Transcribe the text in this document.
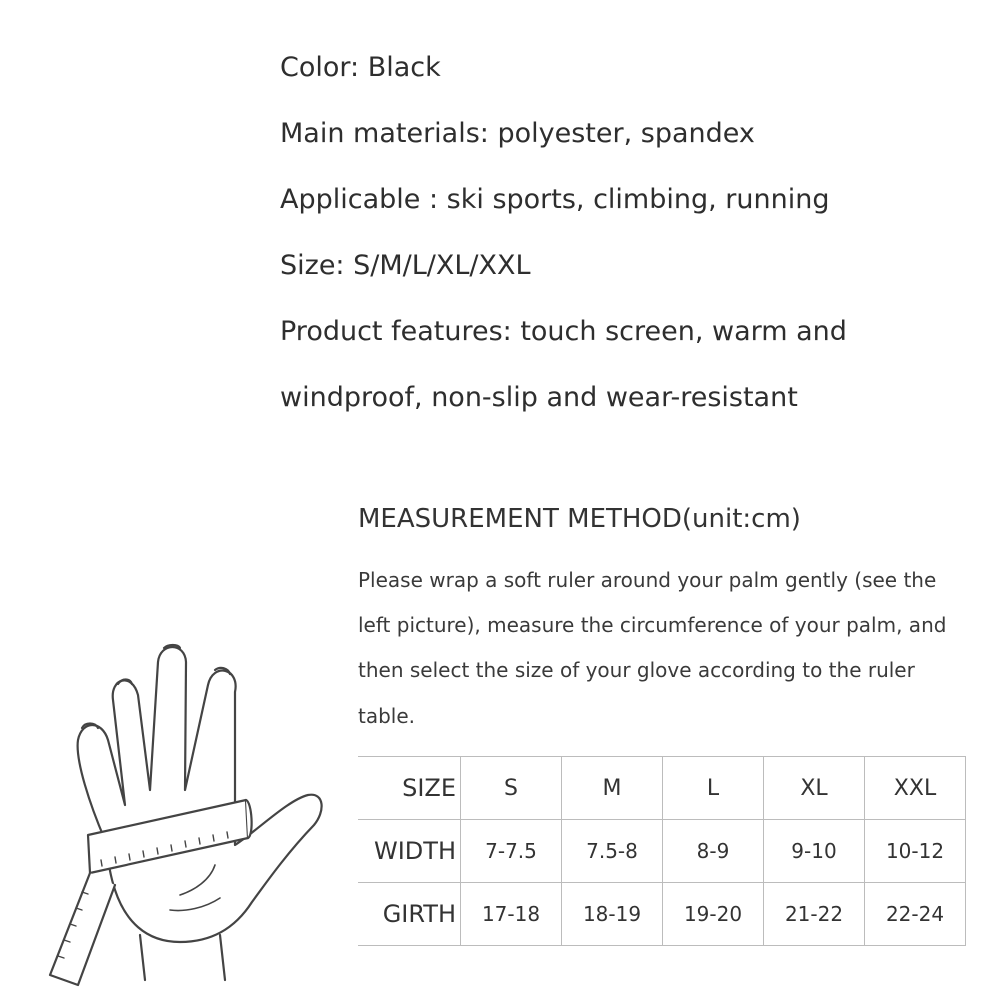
Color: Black

Main materials: polyester, spandex

Applicable : ski sports, climbing, running

Size: S/M/L/XL/XXL

Product features: touch screen, warm and

windproof, non-slip and wear-resistant

MEASUREMENT METHOD(unit:cm)

Please wrap a soft ruler around your palm gently (see the

left picture), measure the circumference of your palm, and

then select the size of your glove according to the ruler

table.

SIZE	S	M	L	XL	XXL
WIDTH	7-7.5	7.5-8	8-9	9-10	10-12
GIRTH	17-18	18-19	19-20	21-22	22-24
